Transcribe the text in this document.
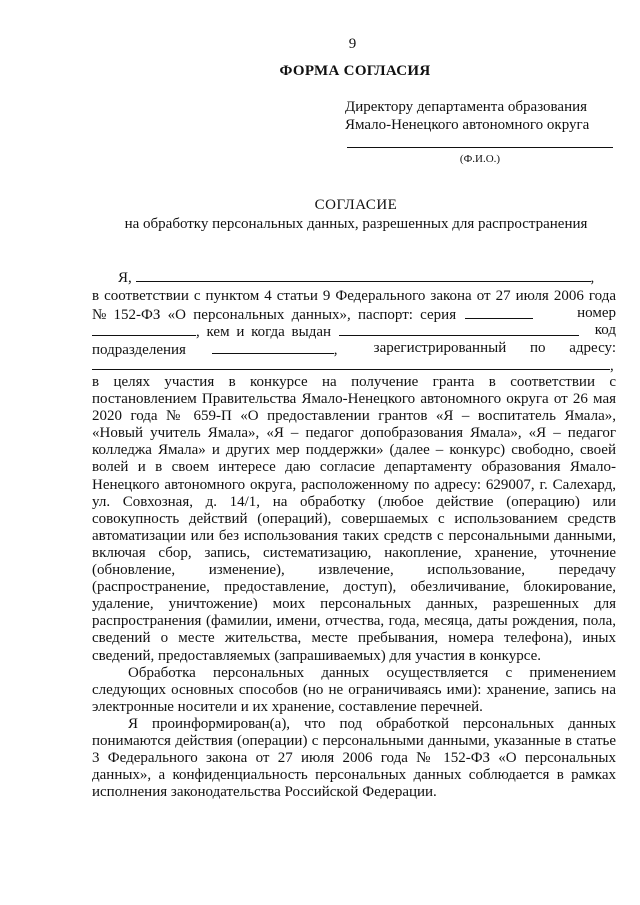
9
ФОРМА СОГЛАСИЯ
Директору департамента образования
Ямало-Ненецкого автономного округа
(Ф.И.О.)
СОГЛАСИЕ
на обработку персональных данных, разрешенных для распространения
Я,	,
в соответствии с пунктом 4 статьи 9 Федерального закона от 27 июля 2006 года
№ 152-ФЗ «О персональных данных», паспорт: серия	номер
, кем и когда выдан	код
подразделения	, зарегистрированный по адресу:
,

в целях участия в конкурсе на получение гранта в соответствии с постановлением Правительства Ямало-Ненецкого автономного округа от 26 мая 2020 года № 659-П «О предоставлении грантов «Я – воспитатель Ямала», «Новый учитель Ямала», «Я – педагог допобразования Ямала», «Я – педагог колледжа Ямала» и других мер поддержки» (далее – конкурс) свободно, своей волей и в своем интересе даю согласие департаменту образования Ямало-Ненецкого автономного округа, расположенному по адресу: 629007, г. Салехард, ул. Совхозная, д. 14/1, на обработку (любое действие (операцию) или совокупность действий (операций), совершаемых с использованием средств автоматизации или без использования таких средств с персональными данными, включая сбор, запись, систематизацию, накопление, хранение, уточнение (обновление, изменение), извлечение, использование, передачу (распространение, предоставление, доступ), обезличивание, блокирование, удаление, уничтожение) моих персональных данных, разрешенных для распространения (фамилии, имени, отчества, года, месяца, даты рождения, пола, сведений о месте жительства, месте пребывания, номера телефона), иных сведений, предоставляемых (запрашиваемых) для участия в конкурсе.

Обработка персональных данных осуществляется с применением следующих основных способов (но не ограничиваясь ими): хранение, запись на электронные носители и их хранение, составление перечней.

Я проинформирован(а), что под обработкой персональных данных понимаются действия (операции) с персональными данными, указанные в статье 3 Федерального закона от 27 июля 2006 года № 152-ФЗ «О персональных данных», а конфиденциальность персональных данных соблюдается в рамках исполнения законодательства Российской Федерации.
